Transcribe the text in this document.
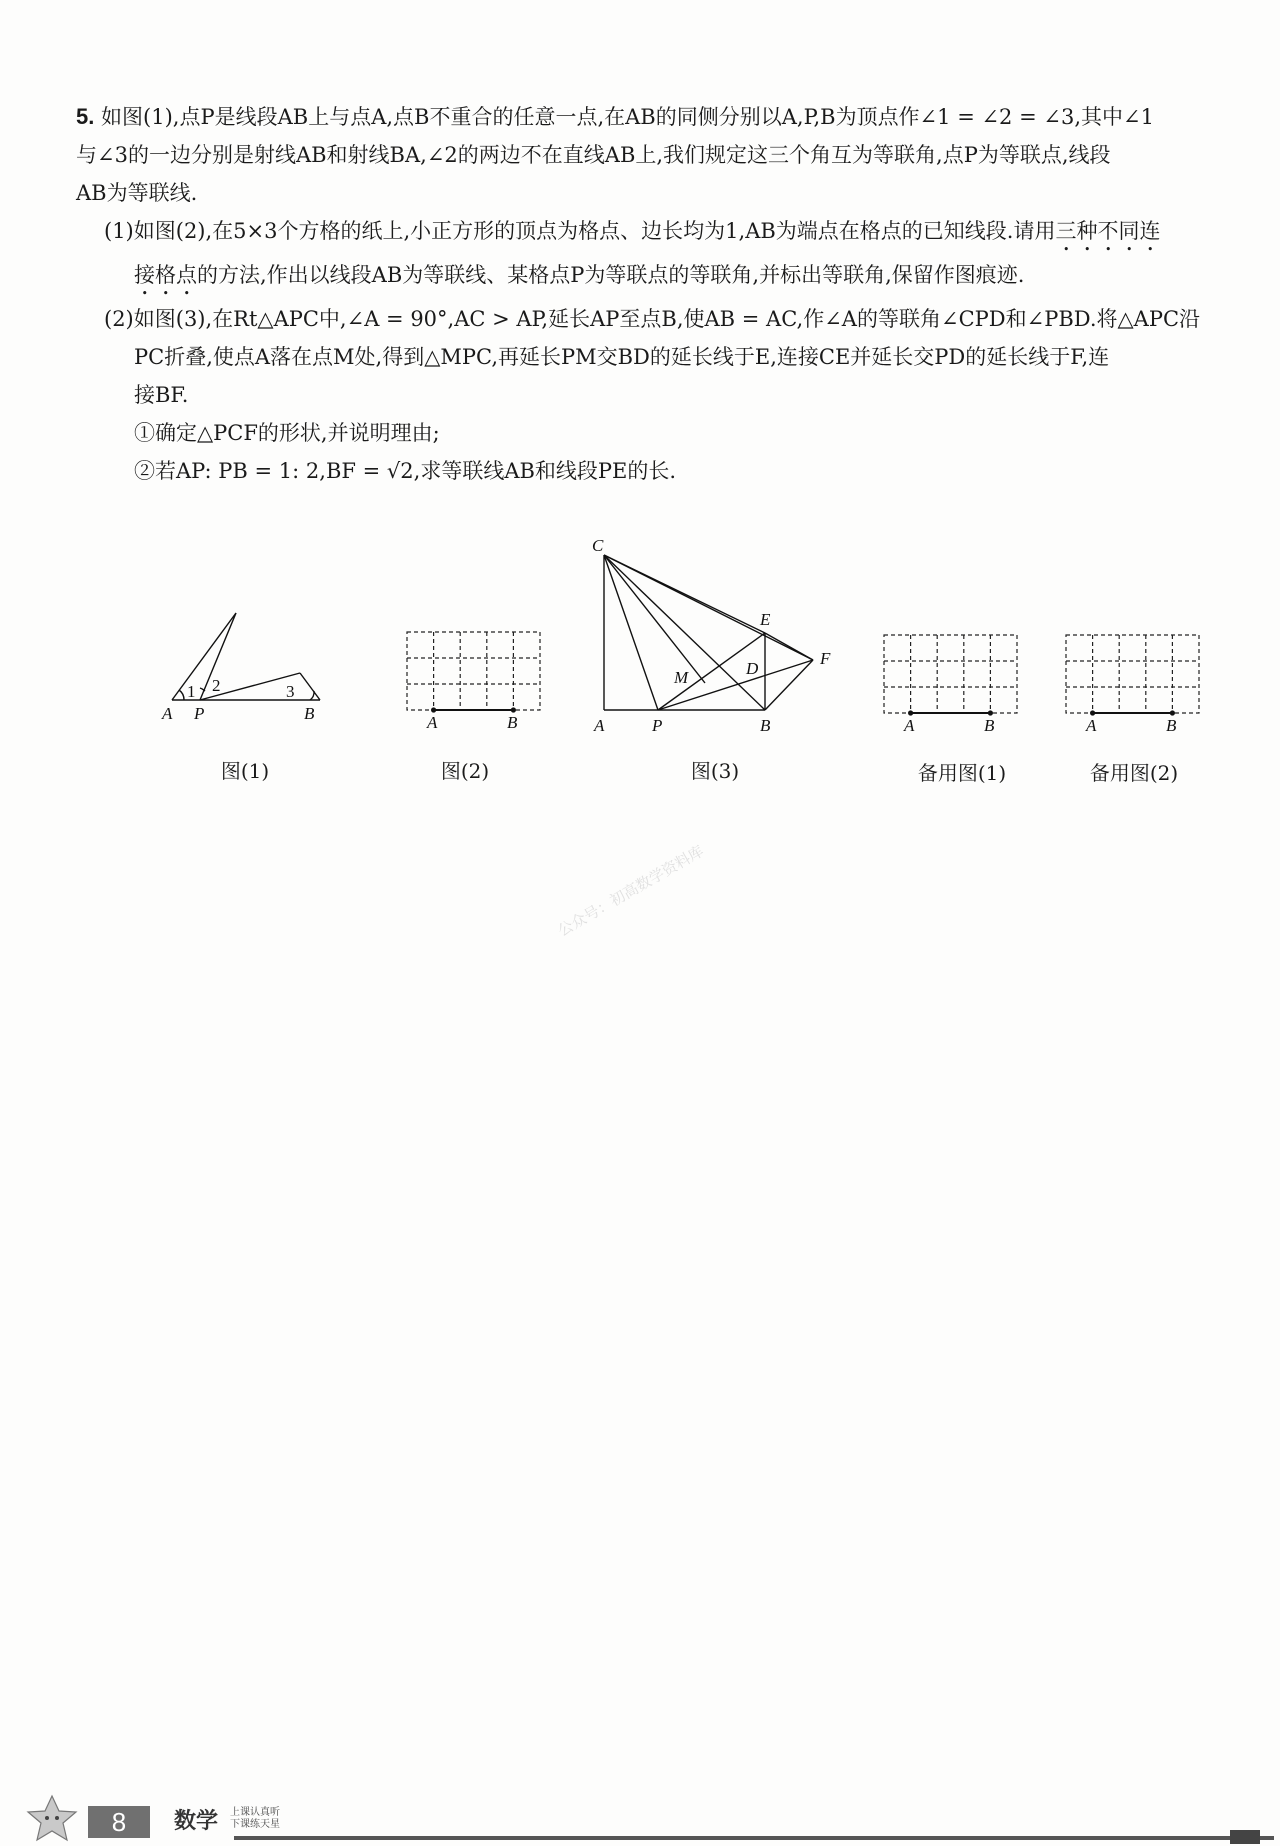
5. 如图(1),点P是线段AB上与点A,点B不重合的任意一点,在AB的同侧分别以A,P,B为顶点作∠1 = ∠2 = ∠3,其中∠1

与∠3的一边分别是射线AB和射线BA,∠2的两边不在直线AB上,我们规定这三个角互为等联角,点P为等联点,线段

AB为等联线.

(1)如图(2),在5×3个方格的纸上,小正方形的顶点为格点、边长均为1,AB为端点在格点的已知线段.请用三种不同连

接格点的方法,作出以线段AB为等联线、某格点P为等联点的等联角,并标出等联角,保留作图痕迹.

(2)如图(3),在Rt△APC中,∠A = 90°,AC > AP,延长AP至点B,使AB = AC,作∠A的等联角∠CPD和∠PBD.将△APC沿

PC折叠,使点A落在点M处,得到△MPC,再延长PM交BD的延长线于E,连接CE并延长交PD的延长线于F,连

接BF.

①确定△PCF的形状,并说明理由;

②若AP: PB = 1: 2,BF = √2,求等联线AB和线段PE的长.

A P	B
1 2	3
图(1)
A	B
图(2)
C
E
F
M	D
A	P	B
图(3)
A	B
备用图(1)
A	B
备用图(2)
公众号：初高数学资料库
8	数学 上课认真听
下课练天星
